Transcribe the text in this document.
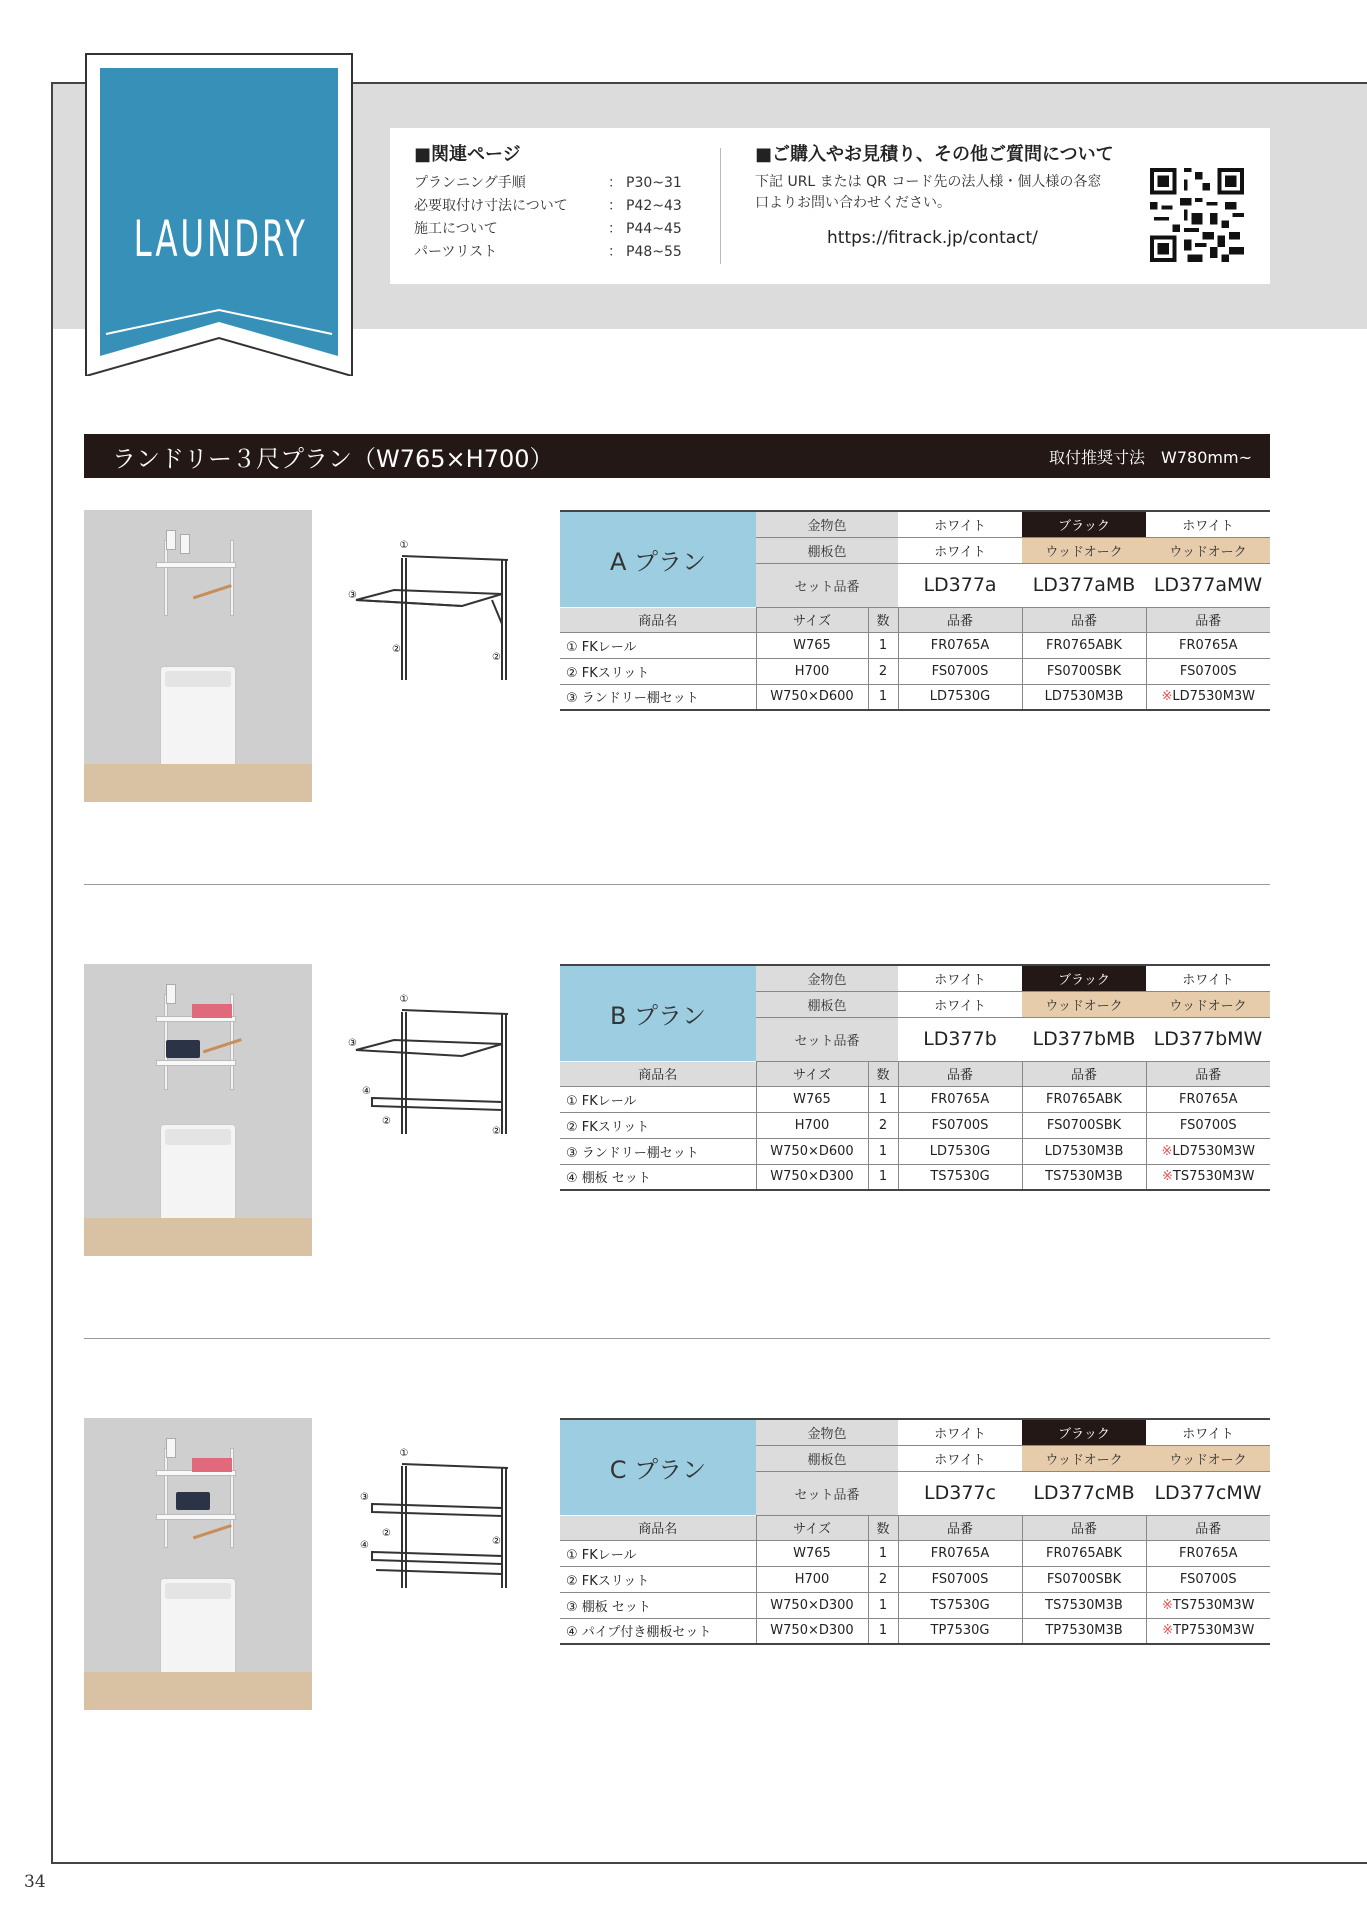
LAUNDRY
■関連ページ
プランニング手順	： P30~31
必要取付け寸法について	： P42~43
施工について	： P44~45
パーツリスト	： P48~55
■ご購入やお見積り、その他ご質問について
下記 URL または QR コード先の法人様・個人様の各窓口よりお問い合わせください。
https://fitrack.jp/contact/
ランドリー３尺プラン（W765×H700）	取付推奨寸法　W780mm~
①
③
②
②
A プラン	金物色	ホワイト	ブラック	ホワイト
	棚板色	ホワイト	ウッドオーク	ウッドオーク
	セット品番	LD377a	LD377aMB	LD377aMW
商品名	サイズ	数	品番	品番	品番
① FKレール	W765	1	FR0765A	FR0765ABK	FR0765A
② FKスリット	H700	2	FS0700S	FS0700SBK	FS0700S
③ ランドリー棚セット	W750×D600	1	LD7530G	LD7530M3B	※LD7530M3W
①
③
④
②
②
B プラン	金物色	ホワイト	ブラック	ホワイト
	棚板色	ホワイト	ウッドオーク	ウッドオーク
	セット品番	LD377b	LD377bMB	LD377bMW
商品名	サイズ	数	品番	品番	品番
① FKレール	W765	1	FR0765A	FR0765ABK	FR0765A
② FKスリット	H700	2	FS0700S	FS0700SBK	FS0700S
③ ランドリー棚セット	W750×D600	1	LD7530G	LD7530M3B	※LD7530M3W
④ 棚板 セット	W750×D300	1	TS7530G	TS7530M3B	※TS7530M3W
①
③
④
②
②
C プラン	金物色	ホワイト	ブラック	ホワイト
	棚板色	ホワイト	ウッドオーク	ウッドオーク
	セット品番	LD377c	LD377cMB	LD377cMW
商品名	サイズ	数	品番	品番	品番
① FKレール	W765	1	FR0765A	FR0765ABK	FR0765A
② FKスリット	H700	2	FS0700S	FS0700SBK	FS0700S
③ 棚板 セット	W750×D300	1	TS7530G	TS7530M3B	※TS7530M3W
④ パイプ付き棚板セット	W750×D300	1	TP7530G	TP7530M3B	※TP7530M3W
34
